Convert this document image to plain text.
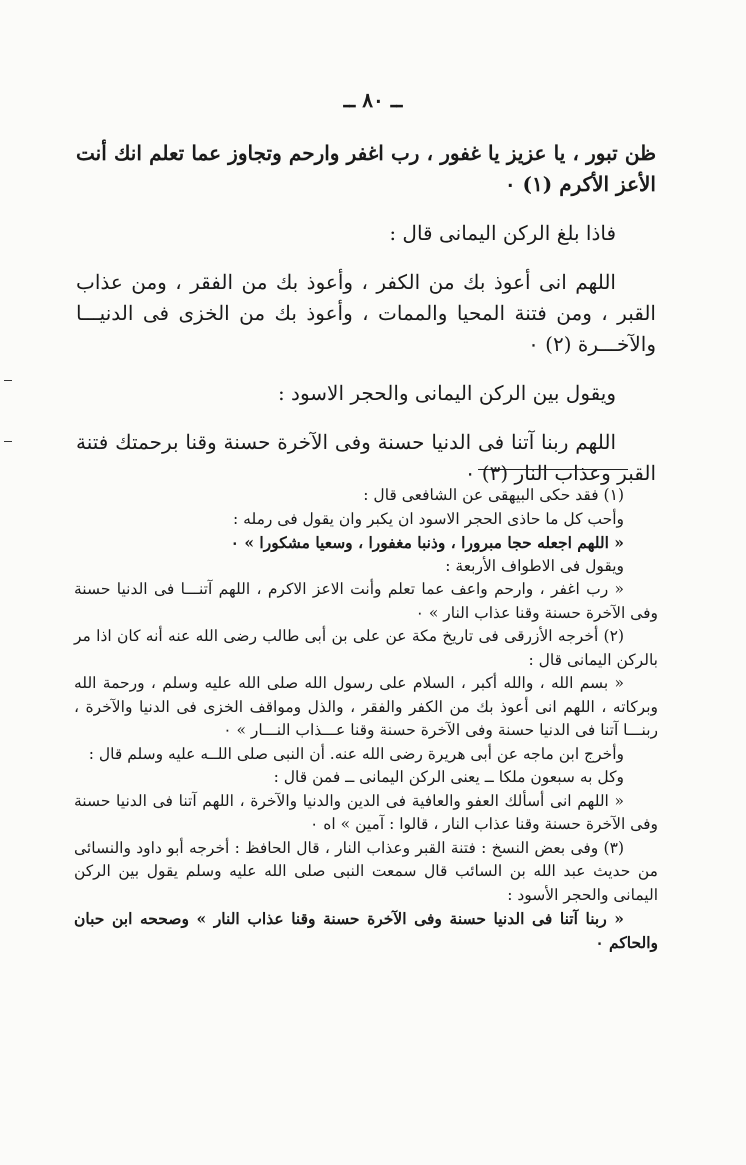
ــ ٨٠ ــ

ظن تبور ، يا عزيز يا غفور ، رب اغفر وارحم وتجاوز عما تعلم انك أنت الأعز الأكرم (١) ٠

فاذا بلغ الركن اليمانى قال :

اللهم انى أعوذ بك من الكفر ، وأعوذ بك من الفقر ، ومن عذاب القبر ، ومن فتنة المحيا والممات ، وأعوذ بك من الخزى فى الدنيـــا والآخـــرة (٢) ٠

ويقول بين الركن اليمانى والحجر الاسود :

اللهم ربنا آتنا فى الدنيا حسنة وفى الآخرة حسنة وقنا برحمتك فتنة القبر وعذاب النار (٣) ٠

(١) فقد حكى البيهقى عن الشافعى قال :

وأحب كل ما حاذى الحجر الاسود ان يكبر وان يقول فى رمله :

« اللهم اجعله حجا مبرورا ، وذنبا مغفورا ، وسعيا مشكورا » ٠

ويقول فى الاطواف الأربعة :

« رب اغفر ، وارحم واعف عما تعلم وأنت الاعز الاكرم ، اللهم آتنـــا فى الدنيا حسنة وفى الآخرة حسنة وقنا عذاب النار » ٠

(٢) أخرجه الأزرقى فى تاريخ مكة عن على بن أبى طالب رضى الله عنه أنه كان اذا مر بالركن اليمانى قال :

« بسم الله ، والله أكبر ، السلام على رسول الله صلى الله عليه وسلم ، ورحمة الله وبركاته ، اللهم انى أعوذ بك من الكفر والفقر ، والذل ومواقف الخزى فى الدنيا والآخرة ، ربنـــا آتنا فى الدنيا حسنة وفى الآخرة حسنة وقنا عـــذاب النـــار » ٠

وأخرج ابن ماجه عن أبى هريرة رضى الله عنه. أن النبى صلى اللــه عليه وسلم قال :

وكل به سبعون ملكا ــ يعنى الركن اليمانى ــ فمن قال :

« اللهم انى أسألك العفو والعافية فى الدين والدنيا والآخرة ، اللهم آتنا فى الدنيا حسنة وفى الآخرة حسنة وقنا عذاب النار ، قالوا : آمين » اه ٠

(٣) وفى بعض النسخ : فتنة القبر وعذاب النار ، قال الحافظ : أخرجه أبو داود والنسائى من حديث عبد الله بن السائب قال سمعت النبى صلى الله عليه وسلم يقول بين الركن اليمانى والحجر الأسود :

« ربنا آتنا فى الدنيا حسنة وفى الآخرة حسنة وقنا عذاب النار » وصححه ابن حبان والحاكم ٠
